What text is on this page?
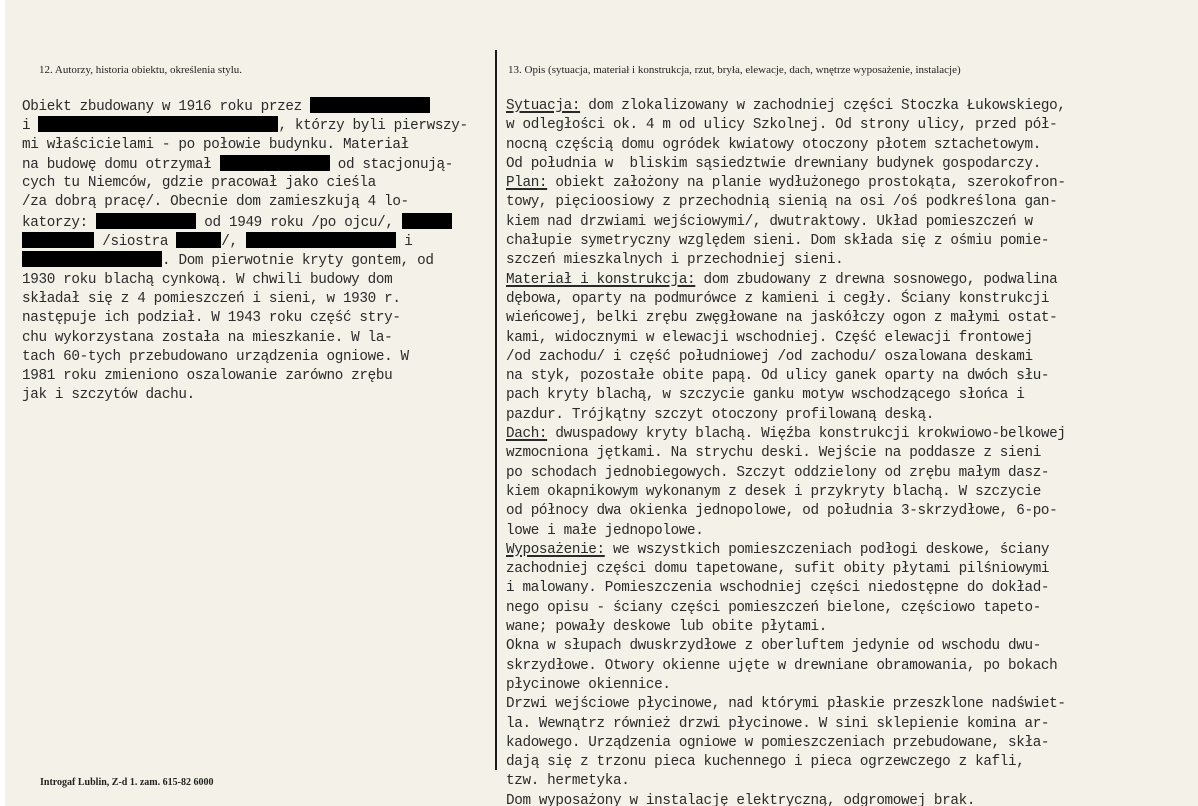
12. Autorzy, historia obiektu, określenia stylu.	13. Opis (sytuacja, materiał i konstrukcja, rzut, bryła, elewacje, dach, wnętrze wyposażenie, instalacje)
Obiekt zbudowany w 1916 roku przez
i	, którzy byli pierwszy-
mi właścicielami - po połowie budynku. Materiał
na budowę domu otrzymał	od stacjonują-
cych tu Niemców, gdzie pracował jako cieśla
/za dobrą pracę/. Obecnie dom zamieszkują 4 lo-
katorzy:	od 1949 roku /po ojcu/,
/siostra	/,	i
. Dom pierwotnie kryty gontem, od
1930 roku blachą cynkową. W chwili budowy dom
składał się z 4 pomieszczeń i sieni, w 1930 r.
następuje ich podział. W 1943 roku część stry-
chu wykorzystana została na mieszkanie. W la-
tach 60-tych przebudowano urządzenia ogniowe. W
1981 roku zmieniono oszalowanie zarówno zrębu
jak i szczytów dachu.
Sytuacja: dom zlokalizowany w zachodniej części Stoczka Łukowskiego,
w odległości ok. 4 m od ulicy Szkolnej. Od strony ulicy, przed pół-
nocną częścią domu ogródek kwiatowy otoczony płotem sztachetowym.
Od południa w  bliskim sąsiedztwie drewniany budynek gospodarczy.
Plan: obiekt założony na planie wydłużonego prostokąta, szerokofron-
towy, pięcioosiowy z przechodnią sienią na osi /oś podkreślona gan-
kiem nad drzwiami wejściowymi/, dwutraktowy. Układ pomieszczeń w
chałupie symetryczny względem sieni. Dom składa się z ośmiu pomie-
szczeń mieszkalnych i przechodniej sieni.
Materiał i konstrukcja: dom zbudowany z drewna sosnowego, podwalina
dębowa, oparty na podmurówce z kamieni i cegły. Ściany konstrukcji
wieńcowej, belki zrębu zwęgłowane na jaskółczy ogon z małymi ostat-
kami, widocznymi w elewacji wschodniej. Część elewacji frontowej
/od zachodu/ i część południowej /od zachodu/ oszalowana deskami
na styk, pozostałe obite papą. Od ulicy ganek oparty na dwóch słu-
pach kryty blachą, w szczycie ganku motyw wschodzącego słońca i
pazdur. Trójkątny szczyt otoczony profilowaną deską.
Dach: dwuspadowy kryty blachą. Więźba konstrukcji krokwiowo-belkowej
wzmocniona jętkami. Na strychu deski. Wejście na poddasze z sieni
po schodach jednobiegowych. Szczyt oddzielony od zrębu małym dasz-
kiem okapnikowym wykonanym z desek i przykryty blachą. W szczycie
od północy dwa okienka jednopolowe, od południa 3-skrzydłowe, 6-po-
lowe i małe jednopolowe.
Wyposażenie: we wszystkich pomieszczeniach podłogi deskowe, ściany
zachodniej części domu tapetowane, sufit obity płytami pilśniowymi
i malowany. Pomieszczenia wschodniej części niedostępne do dokład-
nego opisu - ściany części pomieszczeń bielone, częściowo tapeto-
wane; powały deskowe lub obite płytami.
Okna w słupach dwuskrzydłowe z oberluftem jedynie od wschodu dwu-
skrzydłowe. Otwory okienne ujęte w drewniane obramowania, po bokach
płycinowe okiennice.
Drzwi wejściowe płycinowe, nad którymi płaskie przeszklone nadświet-
la. Wewnątrz również drzwi płycinowe. W sini sklepienie komina ar-
kadowego. Urządzenia ogniowe w pomieszczeniach przebudowane, skła-
dają się z trzonu pieca kuchennego i pieca ogrzewczego z kafli,
tzw. hermetyka.
Dom wyposażony w instalację elektryczną, odgromowej brak.
Introgaf Lublin, Z-d 1. zam. 615-82 6000
